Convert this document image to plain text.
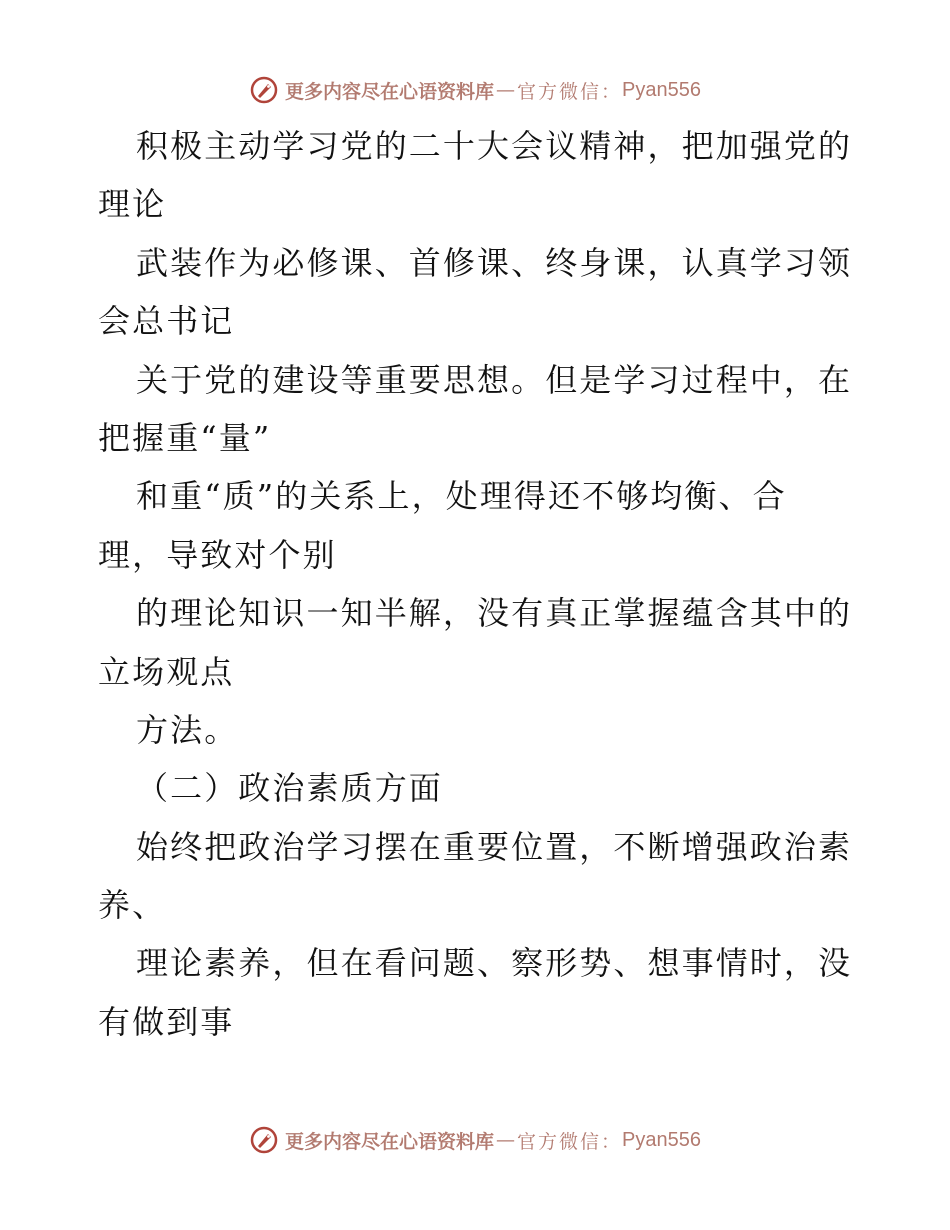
更多内容尽在心语资料库 — 官方微信： Pyan556
积极主动学习党的二十大会议精神，把加强党的
理论
武装作为必修课、首修课、终身课，认真学习领
会总书记
关于党的建设等重要思想。但是学习过程中，在
把握重“量”
和重“质”的关系上，处理得还不够均衡、合
理，导致对个别
的理论知识一知半解，没有真正掌握蕴含其中的
立场观点
方法。
（二）政治素质方面
始终把政治学习摆在重要位置，不断增强政治素
养、
理论素养，但在看问题、察形势、想事情时，没
有做到事
更多内容尽在心语资料库 — 官方微信： Pyan556
